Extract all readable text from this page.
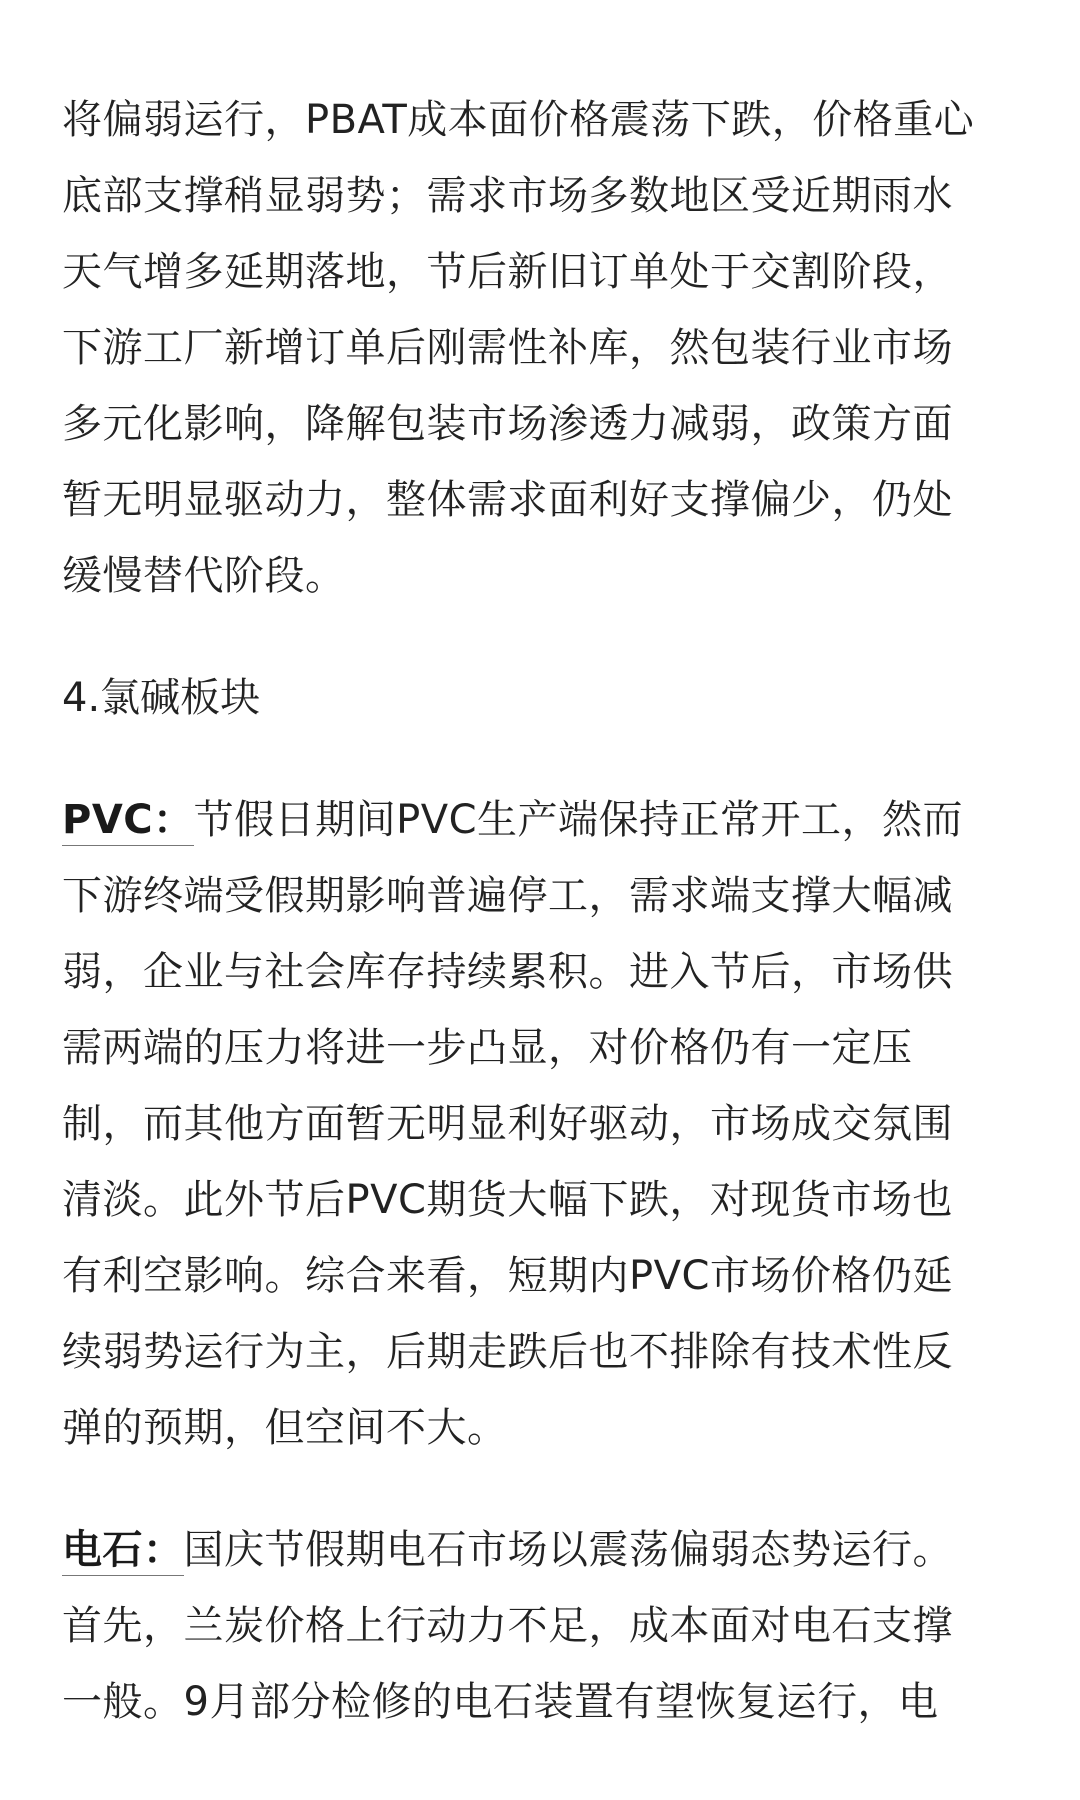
将偏弱运行，PBAT成本面价格震荡下跌，价格重心
底部支撑稍显弱势；需求市场多数地区受近期雨水
天气增多延期落地，节后新旧订单处于交割阶段，
下游工厂新增订单后刚需性补库，然包装行业市场
多元化影响，降解包装市场渗透力减弱，政策方面
暂无明显驱动力，整体需求面利好支撑偏少，仍处
缓慢替代阶段。

4.氯碱板块

PVC：节假日期间PVC生产端保持正常开工，然而
下游终端受假期影响普遍停工，需求端支撑大幅减
弱，企业与社会库存持续累积。进入节后，市场供
需两端的压力将进一步凸显，对价格仍有一定压
制，而其他方面暂无明显利好驱动，市场成交氛围
清淡。此外节后PVC期货大幅下跌，对现货市场也
有利空影响。综合来看，短期内PVC市场价格仍延
续弱势运行为主，后期走跌后也不排除有技术性反
弹的预期，但空间不大。

电石：国庆节假期电石市场以震荡偏弱态势运行。
首先，兰炭价格上行动力不足，成本面对电石支撑
一般。9月部分检修的电石装置有望恢复运行，电
